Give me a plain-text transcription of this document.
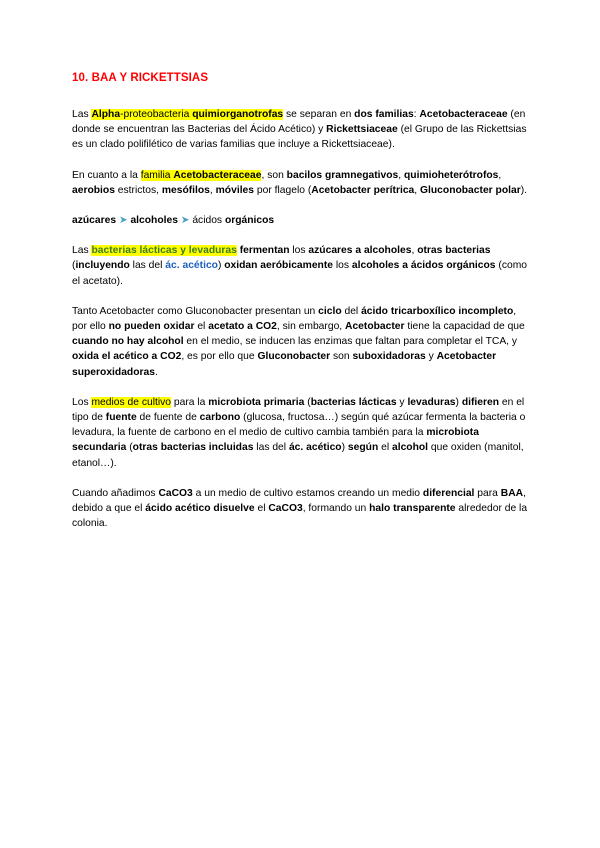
10. BAA Y RICKETTSIAS

Las Alpha-proteobacteria quimiorganotrofas se separan en dos familias: Acetobacteraceae (en donde se encuentran las Bacterias del Ácido Acético) y Rickettsiaceae (el Grupo de las Rickettsias es un clado polifilético de varias familias que incluye a Rickettsiaceae).

En cuanto a la familia Acetobacteraceae, son bacilos gramnegativos, quimioheterótrofos, aerobios estrictos, mesófilos, móviles por flagelo (Acetobacter perítrica, Gluconobacter polar).

azúcares ➤ alcoholes ➤ ácidos orgánicos

Las bacterias lácticas y levaduras fermentan los azúcares a alcoholes, otras bacterias (incluyendo las del ác. acético) oxidan aeróbicamente los alcoholes a ácidos orgánicos (como el acetato).

Tanto Acetobacter como Gluconobacter presentan un ciclo del ácido tricarboxílico incompleto, por ello no pueden oxidar el acetato a CO2, sin embargo, Acetobacter tiene la capacidad de que cuando no hay alcohol en el medio, se inducen las enzimas que faltan para completar el TCA, y oxida el acético a CO2, es por ello que Gluconobacter son suboxidadoras y Acetobacter superoxidadoras.

Los medios de cultivo para la microbiota primaria (bacterias lácticas y levaduras) difieren en el tipo de fuente de fuente de carbono (glucosa, fructosa…) según qué azúcar fermenta la bacteria o levadura, la fuente de carbono en el medio de cultivo cambia también para la microbiota secundaria (otras bacterias incluidas las del ác. acético) según el alcohol que oxiden (manitol, etanol…).

Cuando añadimos CaCO3 a un medio de cultivo estamos creando un medio diferencial para BAA, debido a que el ácido acético disuelve el CaCO3, formando un halo transparente alrededor de la colonia.
